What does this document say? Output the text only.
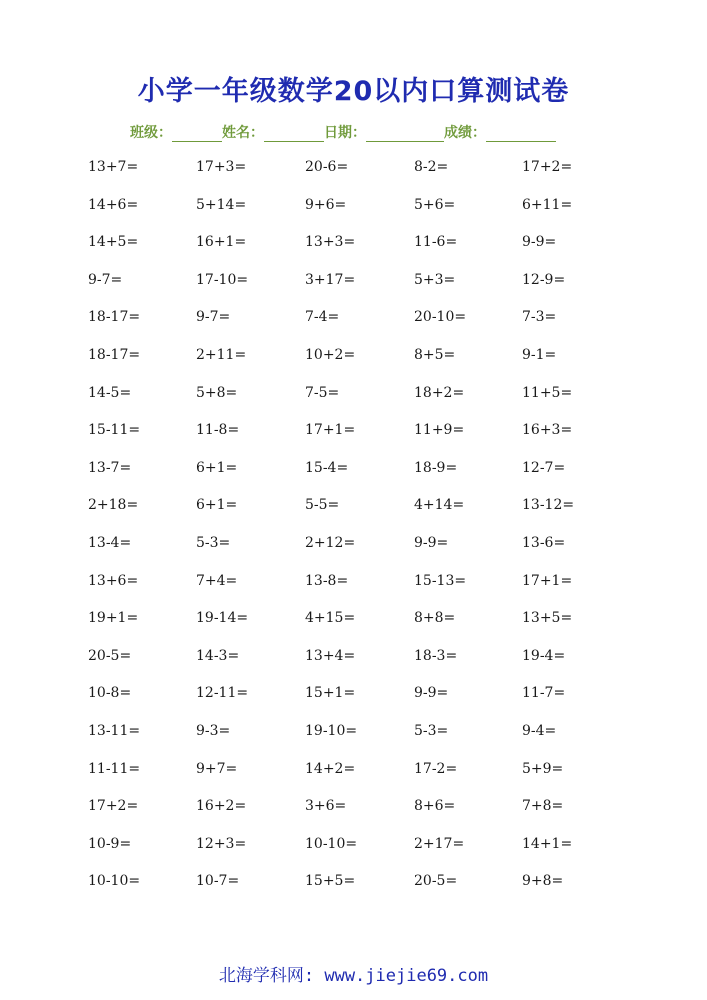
小学一年级数学20以内口算测试卷
班级：	姓名：	日期：	成绩：
13+7=	17+3=	20-6=	8-2=	17+2=
14+6=	5+14=	9+6=	5+6=	6+11=
14+5=	16+1=	13+3=	11-6=	9-9=
9-7=	17-10=	3+17=	5+3=	12-9=
18-17=	9-7=	7-4=	20-10=	7-3=
18-17=	2+11=	10+2=	8+5=	9-1=
14-5=	5+8=	7-5=	18+2=	11+5=
15-11=	11-8=	17+1=	11+9=	16+3=
13-7=	6+1=	15-4=	18-9=	12-7=
2+18=	6+1=	5-5=	4+14=	13-12=
13-4=	5-3=	2+12=	9-9=	13-6=
13+6=	7+4=	13-8=	15-13=	17+1=
19+1=	19-14=	4+15=	8+8=	13+5=
20-5=	14-3=	13+4=	18-3=	19-4=
10-8=	12-11=	15+1=	9-9=	11-7=
13-11=	9-3=	19-10=	5-3=	9-4=
11-11=	9+7=	14+2=	17-2=	5+9=
17+2=	16+2=	3+6=	8+6=	7+8=
10-9=	12+3=	10-10=	2+17=	14+1=
10-10=	10-7=	15+5=	20-5=	9+8=
北海学科网: www.jiejie69.com
